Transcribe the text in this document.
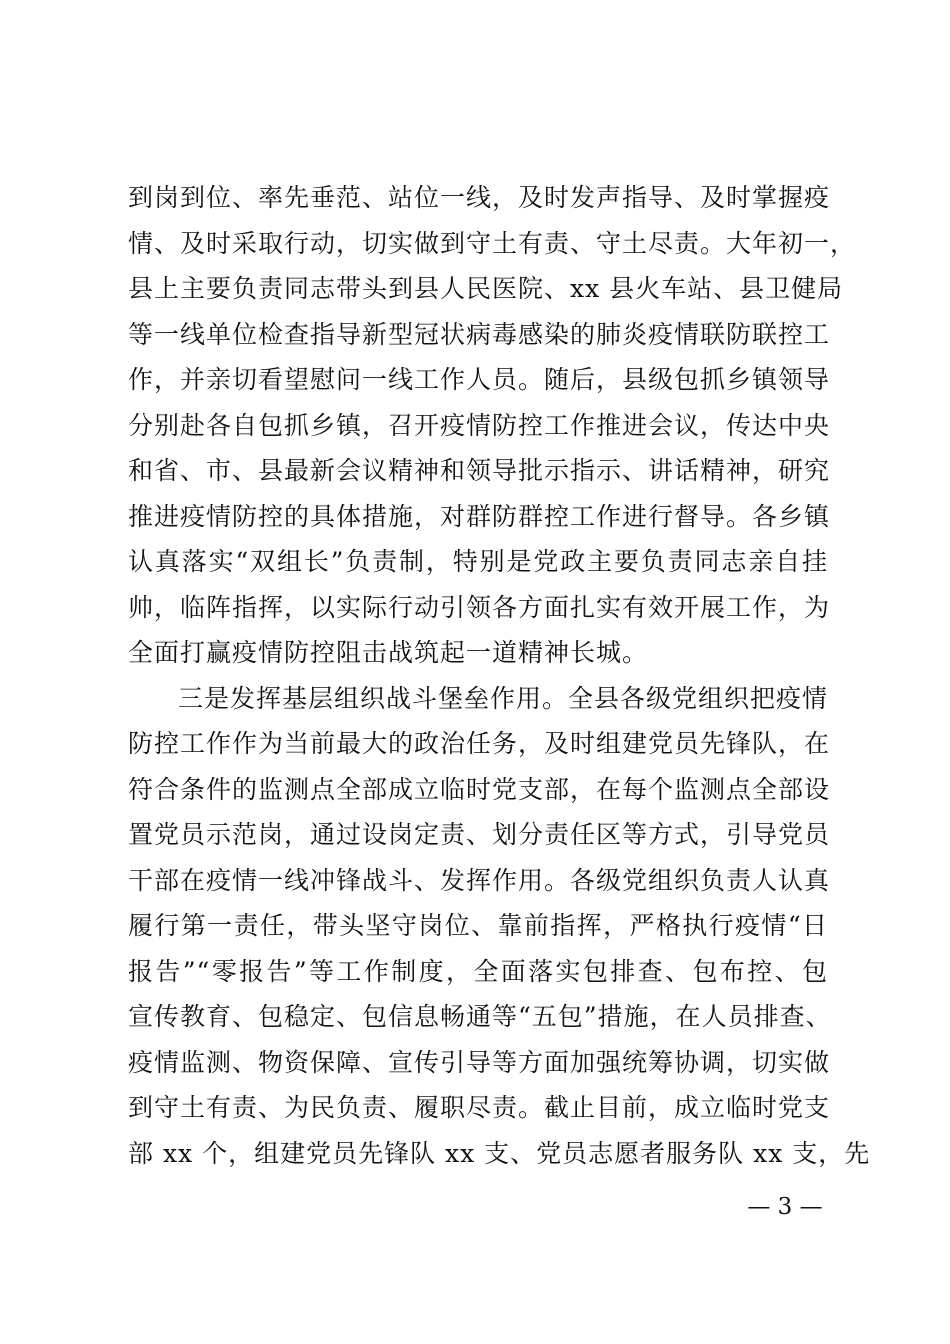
到岗到位、率先垂范、站位一线，及时发声指导、及时掌握疫
情、及时采取行动，切实做到守土有责、守土尽责。大年初一，
县上主要负责同志带头到县人民医院、xx 县火车站、县卫健局
等一线单位检查指导新型冠状病毒感染的肺炎疫情联防联控工
作，并亲切看望慰问一线工作人员。随后，县级包抓乡镇领导
分别赴各自包抓乡镇，召开疫情防控工作推进会议，传达中央
和省、市、县最新会议精神和领导批示指示、讲话精神，研究
推进疫情防控的具体措施，对群防群控工作进行督导。各乡镇
认真落实“双组长”负责制，特别是党政主要负责同志亲自挂
帅，临阵指挥，以实际行动引领各方面扎实有效开展工作，为
全面打赢疫情防控阻击战筑起一道精神长城。
三是发挥基层组织战斗堡垒作用。全县各级党组织把疫情
防控工作作为当前最大的政治任务，及时组建党员先锋队，在
符合条件的监测点全部成立临时党支部，在每个监测点全部设
置党员示范岗，通过设岗定责、划分责任区等方式，引导党员
干部在疫情一线冲锋战斗、发挥作用。各级党组织负责人认真
履行第一责任，带头坚守岗位、靠前指挥，严格执行疫情“日
报告”“零报告”等工作制度，全面落实包排查、包布控、包
宣传教育、包稳定、包信息畅通等“五包”措施，在人员排查、
疫情监测、物资保障、宣传引导等方面加强统筹协调，切实做
到守土有责、为民负责、履职尽责。截止目前，成立临时党支
部 xx 个，组建党员先锋队 xx 支、党员志愿者服务队 xx 支，先
— 3 —
